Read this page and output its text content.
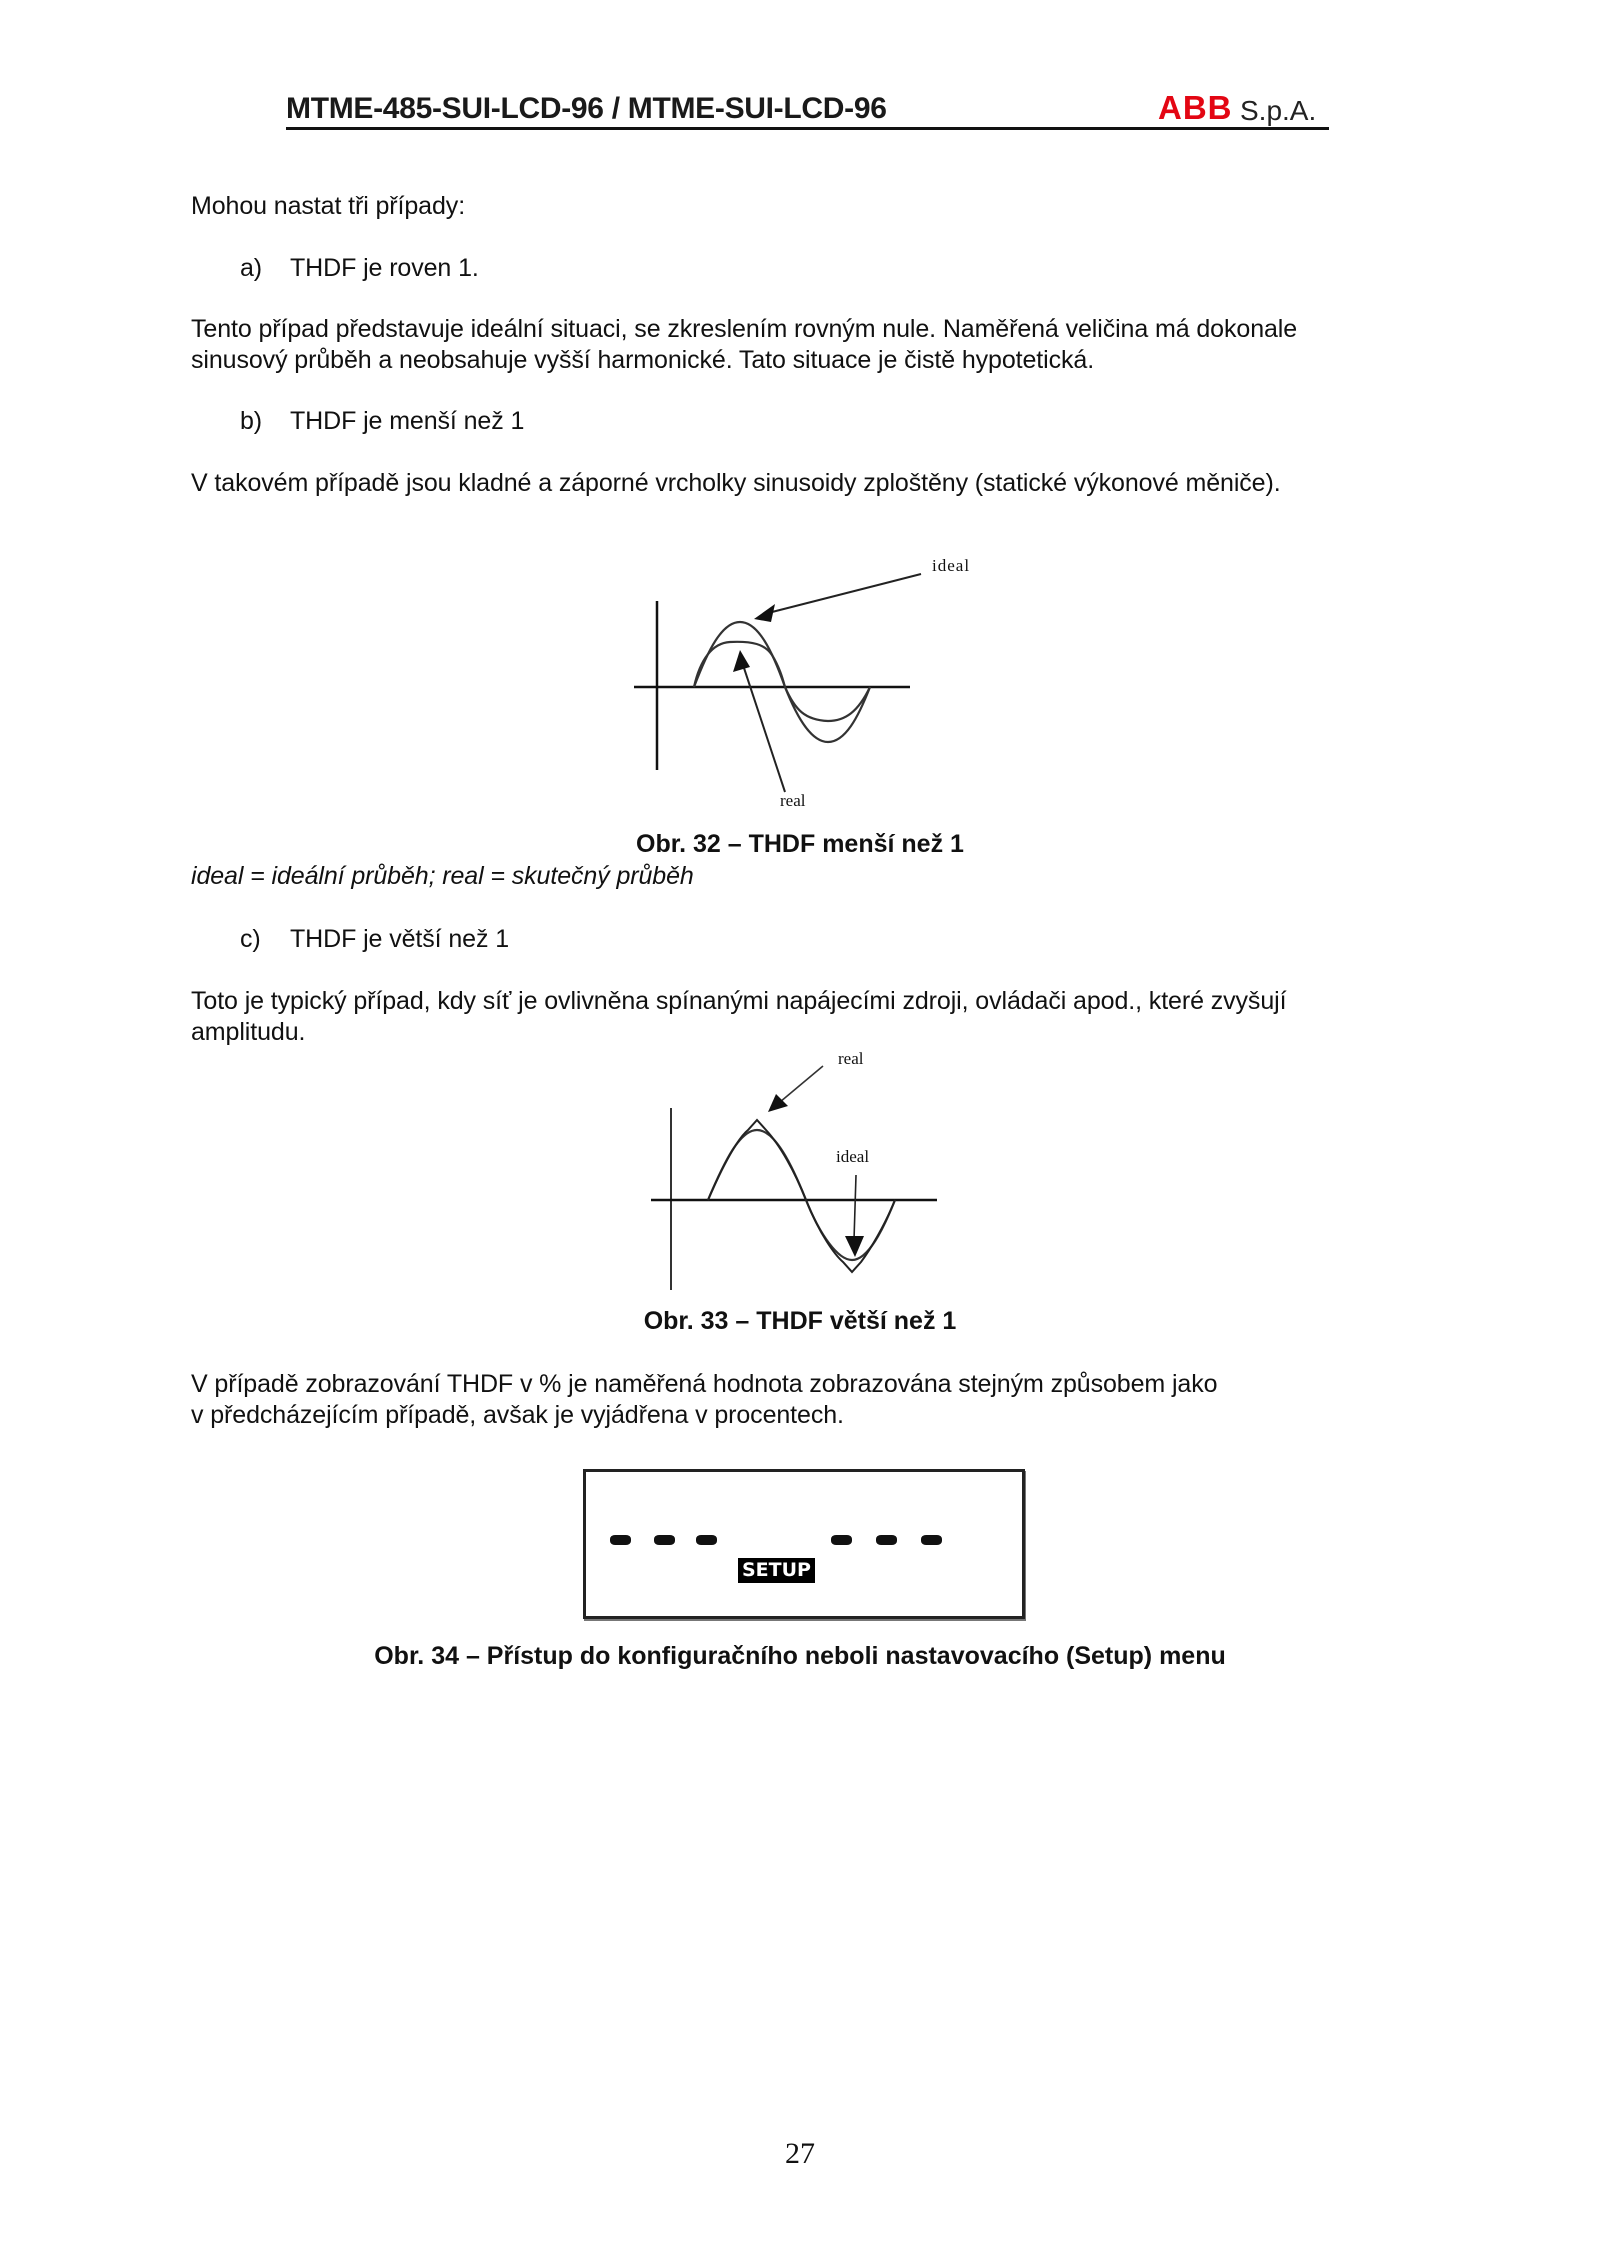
MTME-485-SUI-LCD-96 / MTME-SUI-LCD-96	ABB S.p.A.
Mohou nastat tři případy:
a) THDF je roven 1.
Tento případ představuje ideální situaci, se zkreslením rovným nule. Naměřená veličina má dokonale
sinusový průběh a neobsahuje vyšší harmonické. Tato situace je čistě hypotetická.
b) THDF je menší než 1
V takovém případě jsou kladné a záporné vrcholky sinusoidy zploštěny (statické výkonové měniče).
ideal
real
real
ideal
Obr. 32 – THDF menší než 1
ideal = ideální průběh; real = skutečný průběh
c) THDF je větší než 1
Toto je typický případ, kdy síť je ovlivněna spínanými napájecími zdroji, ovládači apod., které zvyšují
amplitudu.
Obr. 33 – THDF větší než 1
V případě zobrazování THDF v % je naměřená hodnota zobrazována stejným způsobem jako
v předcházejícím případě, avšak je vyjádřena v procentech.
SETUP
Obr. 34 – Přístup do konfiguračního neboli nastavovacího (Setup) menu
27
